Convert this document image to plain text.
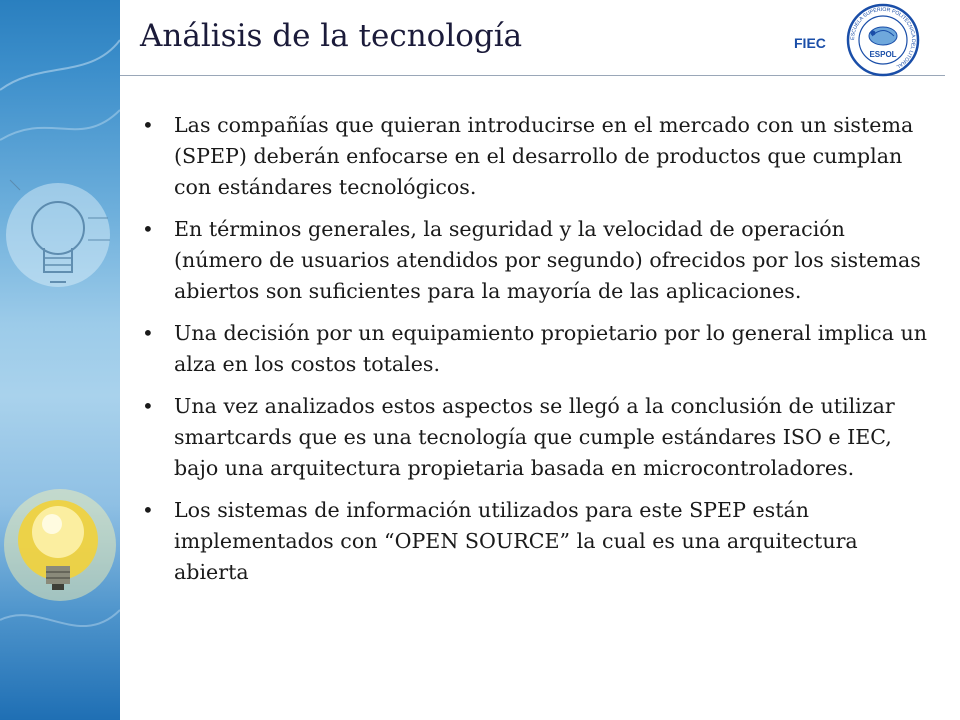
Análisis de la tecnología	FIEC	ESCUELA SUPERIOR POLITECNICA DEL LITORAL
ESPOL
• Las compañías que quieran introducirse en el mercado con un sistema (SPEP) deberán enfocarse en el desarrollo de productos que cumplan con estándares tecnológicos.
• En términos generales, la seguridad y la velocidad de operación (número de usuarios atendidos por segundo) ofrecidos por los sistemas abiertos son suficientes para la mayoría de las aplicaciones.
• Una decisión por un equipamiento propietario por lo general implica un alza en los costos totales.
• Una vez analizados estos aspectos se llegó a la conclusión de utilizar smartcards que es una tecnología que cumple estándares ISO e IEC, bajo una arquitectura propietaria basada en microcontroladores.
• Los sistemas de información utilizados para este SPEP están implementados con “OPEN SOURCE” la cual es una arquitectura abierta
